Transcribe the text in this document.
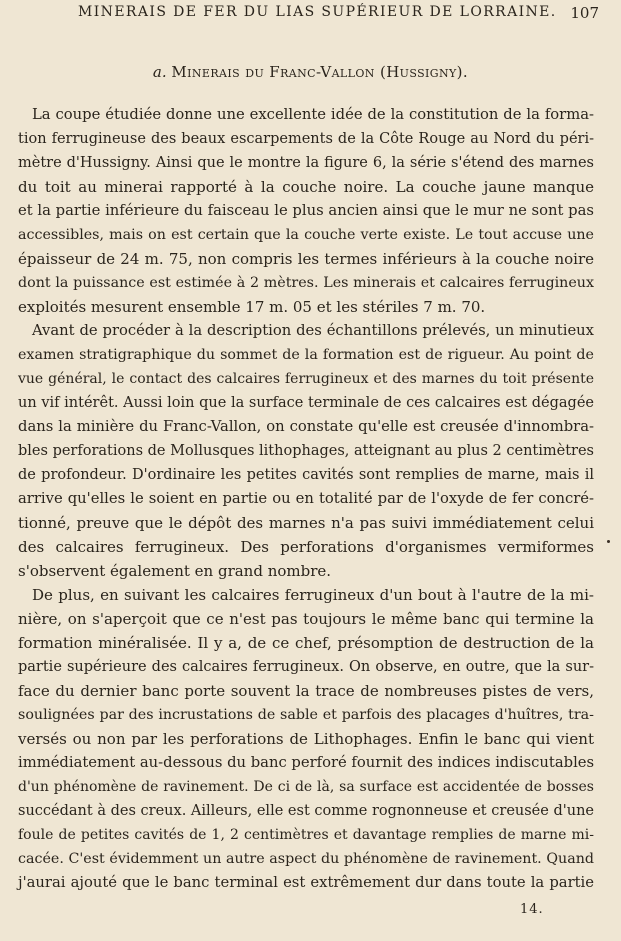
MINERAIS DE FER DU LIAS SUPÉRIEUR DE LORRAINE. 107
a. Minerais du Franc-Vallon (Hussigny).
La coupe étudiée donne une excellente idée de la constitution de la forma-
tion ferrugineuse des beaux escarpements de la Côte Rouge au Nord du péri-
mètre d'Hussigny. Ainsi que le montre la figure 6, la série s'étend des marnes
du toit au minerai rapporté à la couche noire. La couche jaune manque
et la partie inférieure du faisceau le plus ancien ainsi que le mur ne sont pas
accessibles, mais on est certain que la couche verte existe. Le tout accuse une
épaisseur de 24 m. 75, non compris les termes inférieurs à la couche noire
dont la puissance est estimée à 2 mètres. Les minerais et calcaires ferrugineux
exploités mesurent ensemble 17 m. 05 et les stériles 7 m. 70.
Avant de procéder à la description des échantillons prélevés, un minutieux
examen stratigraphique du sommet de la formation est de rigueur. Au point de
vue général, le contact des calcaires ferrugineux et des marnes du toit présente
un vif intérêt. Aussi loin que la surface terminale de ces calcaires est dégagée
dans la minière du Franc-Vallon, on constate qu'elle est creusée d'innombra-
bles perforations de Mollusques lithophages, atteignant au plus 2 centimètres
de profondeur. D'ordinaire les petites cavités sont remplies de marne, mais il
arrive qu'elles le soient en partie ou en totalité par de l'oxyde de fer concré-
tionné, preuve que le dépôt des marnes n'a pas suivi immédiatement celui
des calcaires ferrugineux. Des perforations d'organismes vermiformes
s'observent également en grand nombre.
De plus, en suivant les calcaires ferrugineux d'un bout à l'autre de la mi-
nière, on s'aperçoit que ce n'est pas toujours le même banc qui termine la
formation minéralisée. Il y a, de ce chef, présomption de destruction de la
partie supérieure des calcaires ferrugineux. On observe, en outre, que la sur-
face du dernier banc porte souvent la trace de nombreuses pistes de vers,
soulignées par des incrustations de sable et parfois des placages d'huîtres, tra-
versés ou non par les perforations de Lithophages. Enfin le banc qui vient
immédiatement au-dessous du banc perforé fournit des indices indiscutables
d'un phénomène de ravinement. De ci de là, sa surface est accidentée de bosses
succédant à des creux. Ailleurs, elle est comme rognonneuse et creusée d'une
foule de petites cavités de 1, 2 centimètres et davantage remplies de marne mi-
cacée. C'est évidemment un autre aspect du phénomène de ravinement. Quand
j'aurai ajouté que le banc terminal est extrêmement dur dans toute la partie
14.
